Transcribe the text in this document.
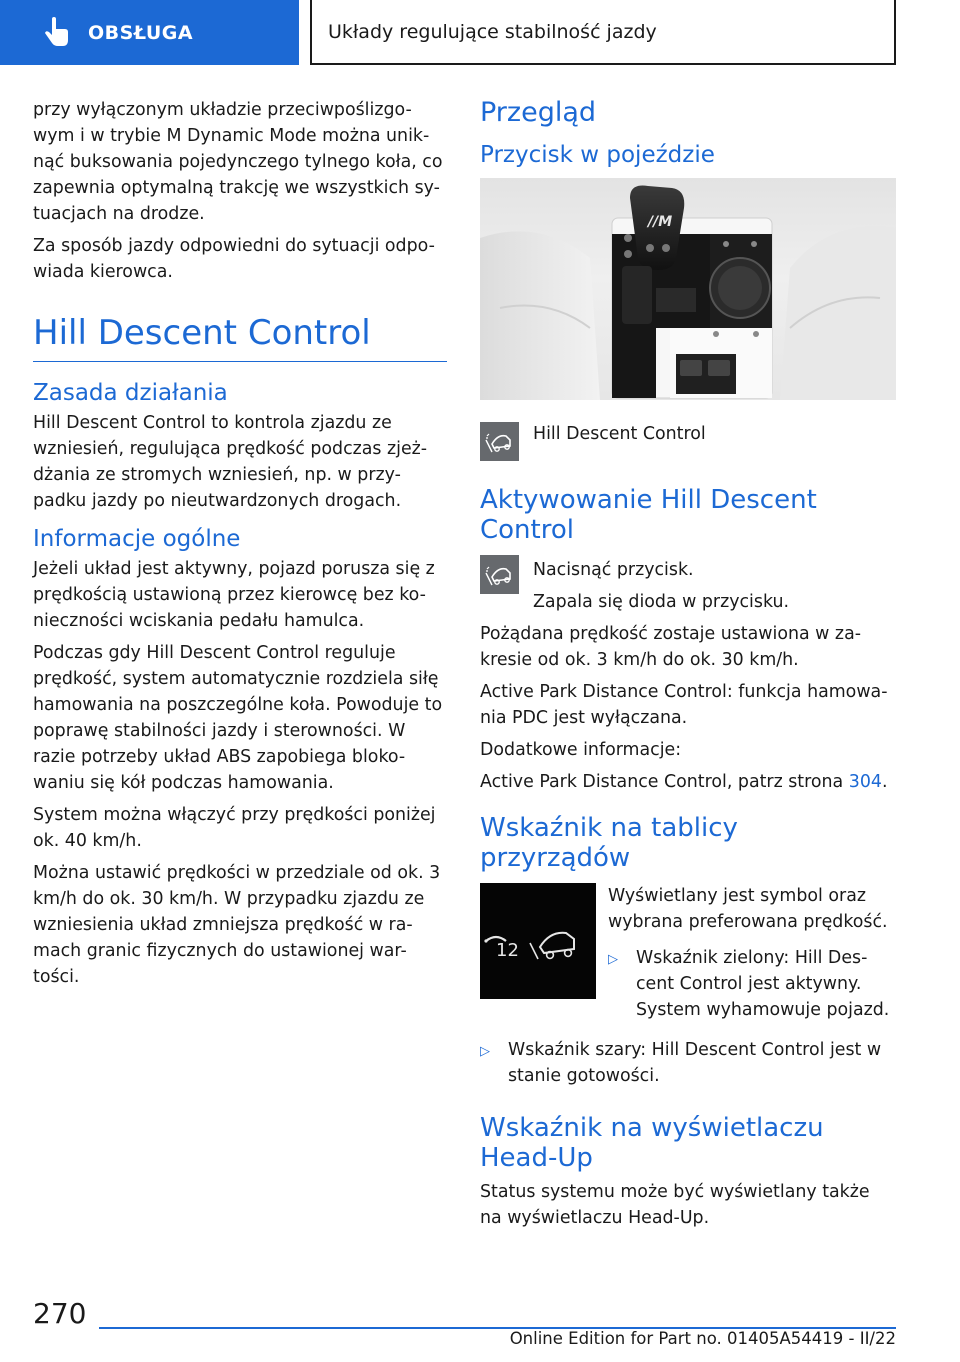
OBSŁUGA	Układy regulujące stabilność jazdy

przy wyłączonym układzie przeciwpoślizgo-wym i w trybie M Dynamic Mode można unik-nąć buksowania pojedynczego tylnego koła, co zapewnia optymalną trakcję we wszystkich sy-tuacjach na drodze.

Za sposób jazdy odpowiedni do sytuacji odpo-wiada kierowca.

Hill Descent Control
Zasada działania

Hill Descent Control to kontrola zjazdu ze wzniesień, regulująca prędkość podczas zjeż-dżania ze stromych wzniesień, np. w przy-padku jazdy po nieutwardzonych drogach.

Informacje ogólne

Jeżeli układ jest aktywny, pojazd porusza się z prędkością ustawioną przez kierowcę bez ko-nieczności wciskania pedału hamulca.

Podczas gdy Hill Descent Control reguluje prędkość, system automatycznie rozdziela siłę hamowania na poszczególne koła. Powoduje to poprawę stabilności jazdy i sterowności. W razie potrzeby układ ABS zapobiega bloko-waniu się kół podczas hamowania.

System można włączyć przy prędkości poniżej ok. 40 km/h.

Można ustawić prędkości w przedziale od ok. 3 km/h do ok. 30 km/h. W przypadku zjazdu ze wzniesienia układ zmniejsza prędkość w ra-mach granic fizycznych do ustawionej war-tości.

Przegląd
Przycisk w pojeździe
//M
Hill Descent Control
Aktywowanie Hill Descent Control

Nacisnąć przycisk.

Zapala się dioda w przycisku.

Pożądana prędkość zostaje ustawiona w za-kresie od ok. 3 km/h do ok. 30 km/h.

Active Park Distance Control: funkcja hamowa-nia PDC jest wyłączana.

Dodatkowe informacje:

Active Park Distance Control, patrz strona 304.

Wskaźnik na tablicy przyrządów
12

Wyświetlany jest symbol oraz wybrana preferowana prędkość.

▷	Wskaźnik zielony: Hill Des-cent Control jest aktywny. System wyhamowuje pojazd.
▷	Wskaźnik szary: Hill Descent Control jest w stanie gotowości.
Wskaźnik na wyświetlaczu Head-Up

Status systemu może być wyświetlany także na wyświetlaczu Head-Up.

270
Online Edition for Part no. 01405A54419 - II/22
